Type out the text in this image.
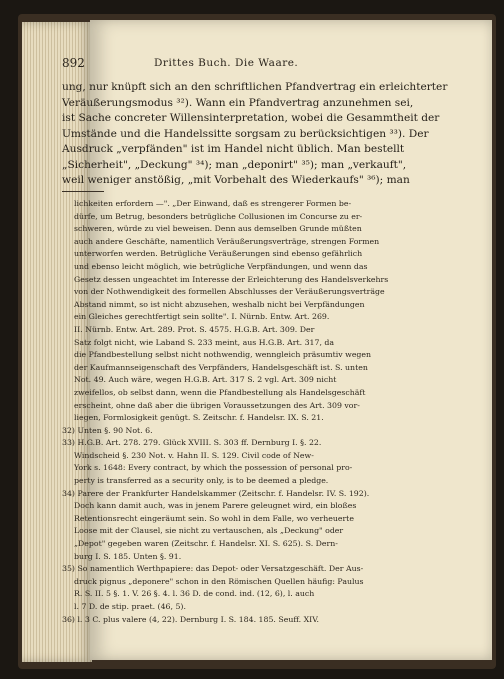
892	Drittes Buch. Die Waare.
ung, nur knüpft sich an den schriftlichen Pfandvertrag ein erleichterter
Veräußerungsmodus ³²). Wann ein Pfandvertrag anzunehmen sei,
ist Sache concreter Willensinterpretation, wobei die Gesammtheit der
Umstände und die Handelssitte sorgsam zu berücksichtigen ³³). Der
Ausdruck „verpfänden" ist im Handel nicht üblich. Man bestellt
„Sicherheit", „Deckung" ³⁴); man „deponirt" ³⁵); man „verkauft",
weil weniger anstößig, „mit Vorbehalt des Wiederkaufs" ³⁶); man
lichkeiten erfordern —". „Der Einwand, daß es strengerer Formen be-
dürfe, um Betrug, besonders betrügliche Collusionen im Concurse zu er-
schweren, würde zu viel beweisen. Denn aus demselben Grunde müßten
auch andere Geschäfte, namentlich Veräußerungsverträge, strengen Formen
unterworfen werden. Betrügliche Veräußerungen sind ebenso gefährlich
und ebenso leicht möglich, wie betrügliche Verpfändungen, und wenn das
Gesetz dessen ungeachtet im Interesse der Erleichterung des Handelsverkehrs
von der Nothwendigkeit des formellen Abschlusses der Veräußerungsverträge
Abstand nimmt, so ist nicht abzusehen, weshalb nicht bei Verpfändungen
ein Gleiches gerechtfertigt sein sollte". I. Nürnb. Entw. Art. 269.
II. Nürnb. Entw. Art. 289. Prot. S. 4575. H.G.B. Art. 309. Der
Satz folgt nicht, wie Laband S. 233 meint, aus H.G.B. Art. 317, da
die Pfandbestellung selbst nicht nothwendig, wenngleich präsumtiv wegen
der Kaufmannseigenschaft des Verpfänders, Handelsgeschäft ist. S. unten
Not. 49. Auch wäre, wegen H.G.B. Art. 317 S. 2 vgl. Art. 309 nicht
zweifellos, ob selbst dann, wenn die Pfandbestellung als Handelsgeschäft
erscheint, ohne daß aber die übrigen Voraussetzungen des Art. 309 vor-
liegen, Formlosigkeit genügt. S. Zeitschr. f. Handelsr. IX. S. 21.
32) Unten §. 90 Not. 6.
33) H.G.B. Art. 278. 279. Glück XVIII. S. 303 ff. Dernburg I. §. 22.
Windscheid §. 230 Not. v. Hahn II. S. 129. Civil code of New-
York s. 1648: Every contract, by which the possession of personal pro-
perty is transferred as a security only, is to be deemed a pledge.
34) Parere der Frankfurter Handelskammer (Zeitschr. f. Handelsr. IV. S. 192).
Doch kann damit auch, was in jenem Parere geleugnet wird, ein bloßes
Retentionsrecht eingeräumt sein. So wohl in dem Falle, wo verheuerte
Loose mit der Clausel, sie nicht zu vertauschen, als „Deckung" oder
„Depot" gegeben waren (Zeitschr. f. Handelsr. XI. S. 625). S. Dern-
burg I. S. 185. Unten §. 91.
35) So namentlich Werthpapiere: das Depot- oder Versatzgeschäft. Der Aus-
druck pignus „deponere" schon in den Römischen Quellen häufig: Paulus
R. S. II. 5 §. 1. V. 26 §. 4. l. 36 D. de cond. ind. (12, 6), l. auch
l. 7 D. de stip. praet. (46, 5).
36) l. 3 C. plus valere (4, 22). Dernburg I. S. 184. 185. Seuff. XIV.
